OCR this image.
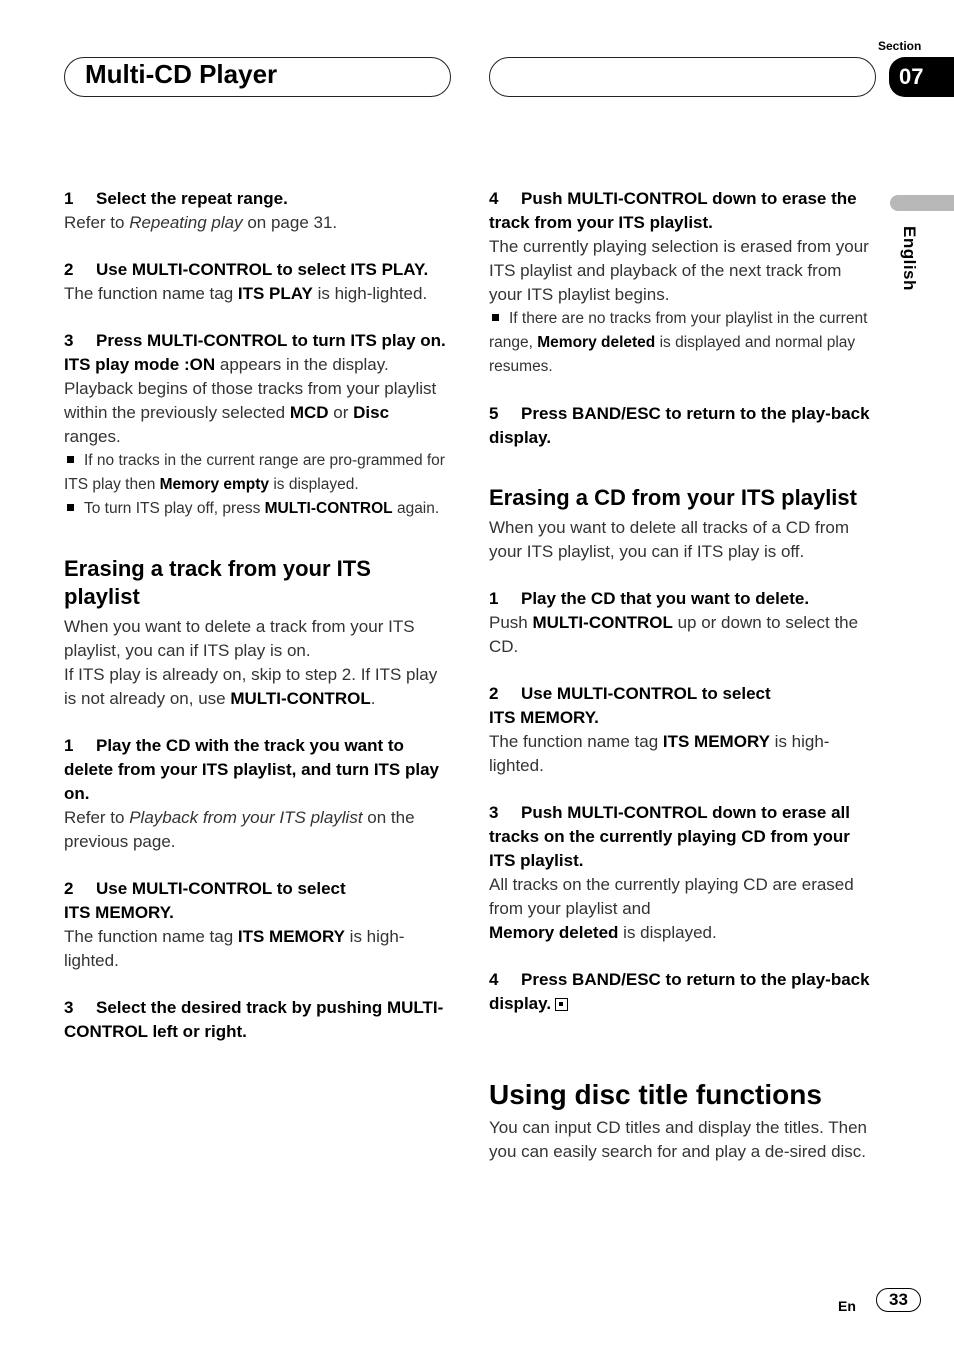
Multi-CD Player
Section
07
English

1 Select the repeat range.

Refer to Repeating play on page 31.

2 Use MULTI-CONTROL to select ITS PLAY.

The function name tag ITS PLAY is high-lighted.

3 Press MULTI-CONTROL to turn ITS play on.

ITS play mode :ON appears in the display. Playback begins of those tracks from your playlist within the previously selected MCD or Disc ranges.

If no tracks in the current range are pro-grammed for ITS play then Memory empty is displayed.

To turn ITS play off, press MULTI-CONTROL again.

Erasing a track from your ITS playlist

When you want to delete a track from your ITS playlist, you can if ITS play is on.

If ITS play is already on, skip to step 2. If ITS play is not already on, use MULTI-CONTROL.

1 Play the CD with the track you want to delete from your ITS playlist, and turn ITS play on.

Refer to Playback from your ITS playlist on the previous page.

2 Use MULTI-CONTROL to select
ITS MEMORY.

The function name tag ITS MEMORY is high-lighted.

3 Select the desired track by pushing MULTI-CONTROL left or right.

4 Push MULTI-CONTROL down to erase the track from your ITS playlist.

The currently playing selection is erased from your ITS playlist and playback of the next track from your ITS playlist begins.

If there are no tracks from your playlist in the current range, Memory deleted is displayed and normal play resumes.

5 Press BAND/ESC to return to the play-back display.

Erasing a CD from your ITS playlist

When you want to delete all tracks of a CD from your ITS playlist, you can if ITS play is off.

1 Play the CD that you want to delete.

Push MULTI-CONTROL up or down to select the CD.

2 Use MULTI-CONTROL to select
ITS MEMORY.

The function name tag ITS MEMORY is high-lighted.

3 Push MULTI-CONTROL down to erase all tracks on the currently playing CD from your ITS playlist.

All tracks on the currently playing CD are erased from your playlist and
Memory deleted is displayed.

4 Press BAND/ESC to return to the play-back display.

Using disc title functions

You can input CD titles and display the titles. Then you can easily search for and play a de-sired disc.

En	33
